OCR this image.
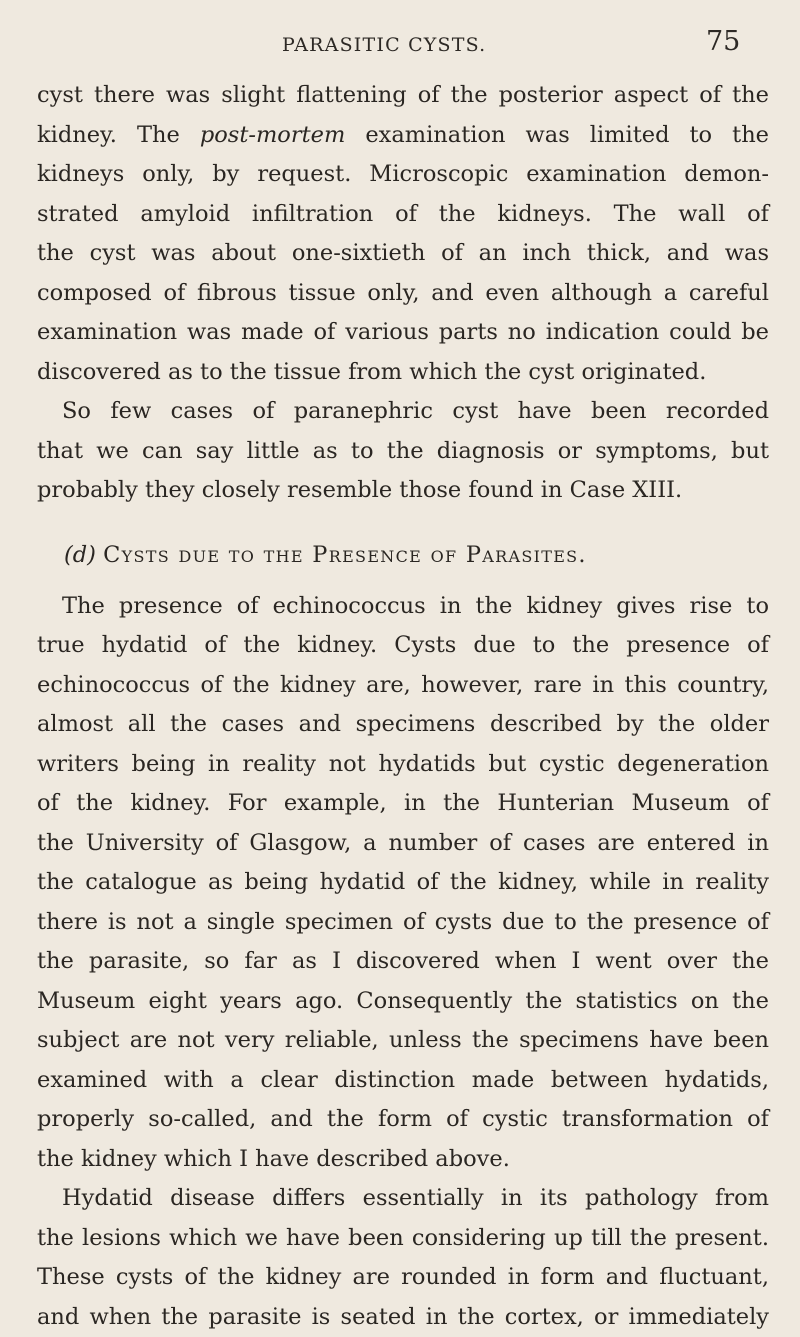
PARASITIC CYSTS.	75
cyst there was slight flattening of the posterior aspect of the
kidney. The post-mortem examination was limited to the
kidneys only, by request. Microscopic examination demon-
strated amyloid infiltration of the kidneys. The wall of
the cyst was about one-sixtieth of an inch thick, and was
composed of fibrous tissue only, and even although a careful
examination was made of various parts no indication could be
discovered as to the tissue from which the cyst originated.
So few cases of paranephric cyst have been recorded
that we can say little as to the diagnosis or symptoms, but
probably they closely resemble those found in Case XIII.
(d) Cysts due to the Presence of Parasites.
The presence of echinococcus in the kidney gives rise to
true hydatid of the kidney. Cysts due to the presence of
echinococcus of the kidney are, however, rare in this country,
almost all the cases and specimens described by the older
writers being in reality not hydatids but cystic degeneration
of the kidney. For example, in the Hunterian Museum of
the University of Glasgow, a number of cases are entered in
the catalogue as being hydatid of the kidney, while in reality
there is not a single specimen of cysts due to the presence of
the parasite, so far as I discovered when I went over the
Museum eight years ago. Consequently the statistics on the
subject are not very reliable, unless the specimens have been
examined with a clear distinction made between hydatids,
properly so-called, and the form of cystic transformation of
the kidney which I have described above.
Hydatid disease differs essentially in its pathology from
the lesions which we have been considering up till the present.
These cysts of the kidney are rounded in form and fluctuant,
and when the parasite is seated in the cortex, or immediately
